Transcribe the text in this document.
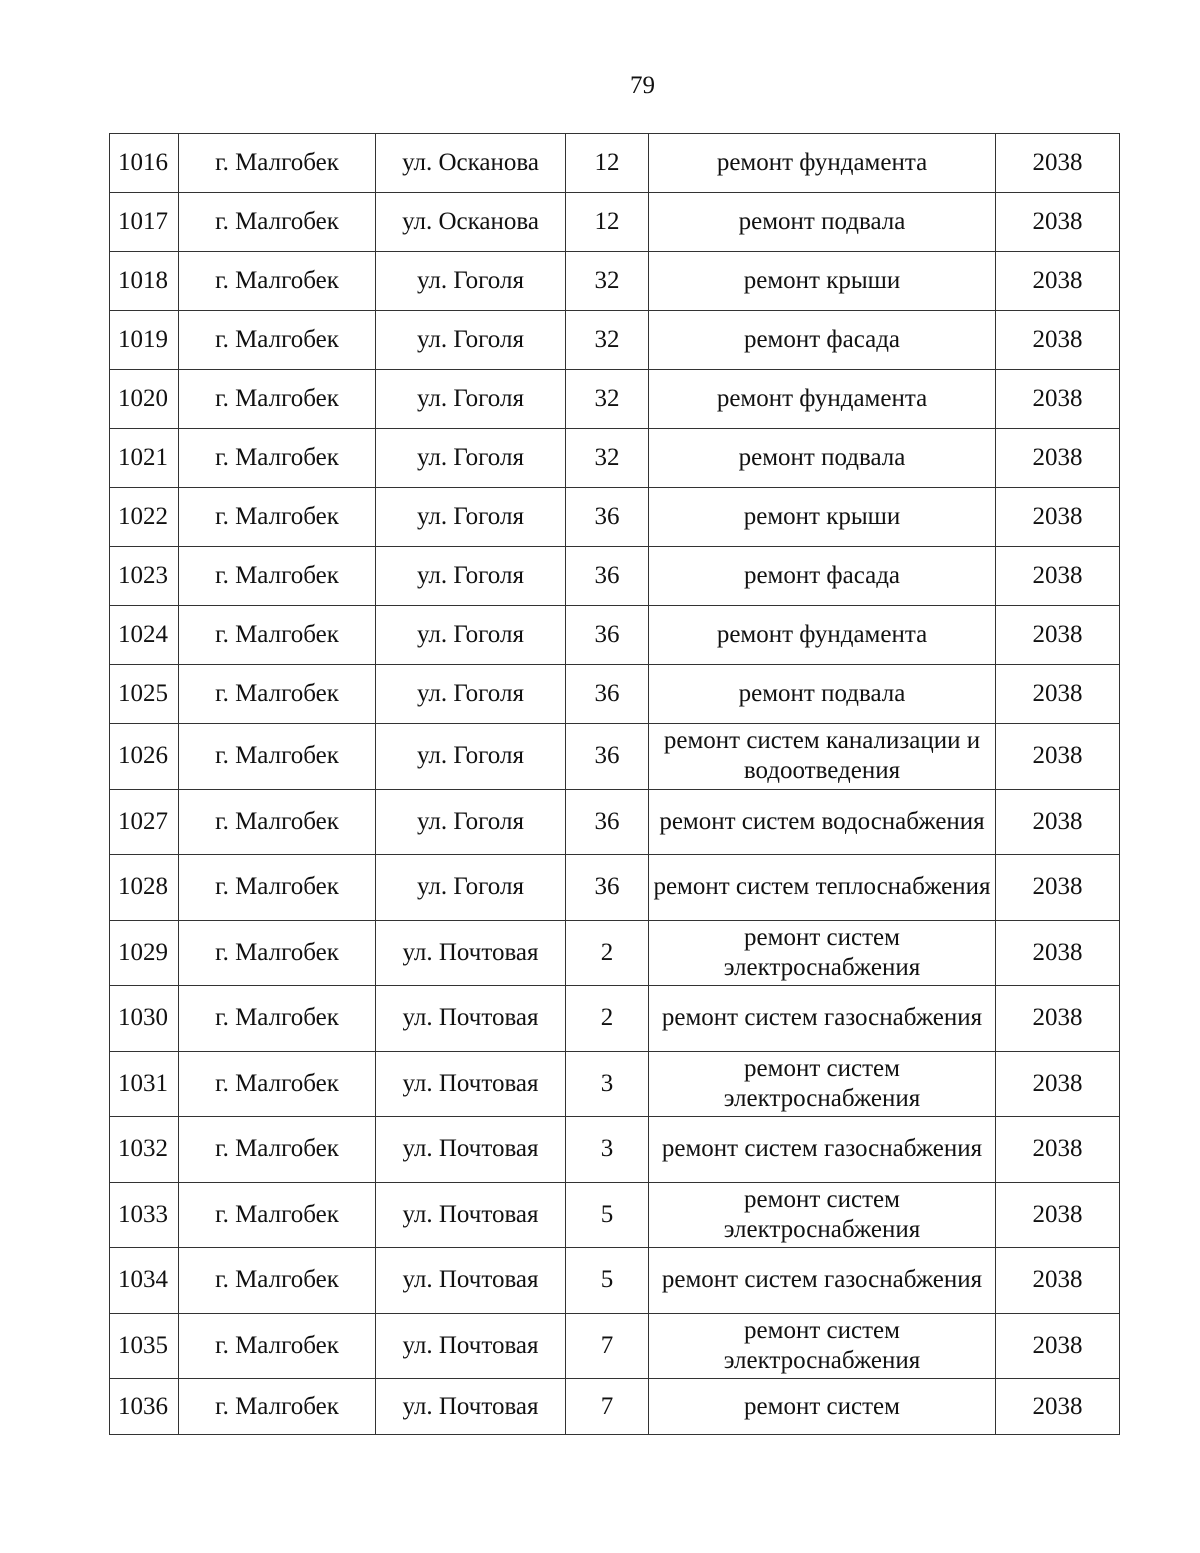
79
1016	г. Малгобек	ул. Осканова	12	ремонт фундамента	2038
1017	г. Малгобек	ул. Осканова	12	ремонт подвала	2038
1018	г. Малгобек	ул. Гоголя	32	ремонт крыши	2038
1019	г. Малгобек	ул. Гоголя	32	ремонт фасада	2038
1020	г. Малгобек	ул. Гоголя	32	ремонт фундамента	2038
1021	г. Малгобек	ул. Гоголя	32	ремонт подвала	2038
1022	г. Малгобек	ул. Гоголя	36	ремонт крыши	2038
1023	г. Малгобек	ул. Гоголя	36	ремонт фасада	2038
1024	г. Малгобек	ул. Гоголя	36	ремонт фундамента	2038
1025	г. Малгобек	ул. Гоголя	36	ремонт подвала	2038
1026	г. Малгобек	ул. Гоголя	36	ремонт систем канализации и водоотведения	2038
1027	г. Малгобек	ул. Гоголя	36	ремонт систем водоснабжения	2038
1028	г. Малгобек	ул. Гоголя	36	ремонт систем теплоснабжения	2038
1029	г. Малгобек	ул. Почтовая	2	ремонт систем электроснабжения	2038
1030	г. Малгобек	ул. Почтовая	2	ремонт систем газоснабжения	2038
1031	г. Малгобек	ул. Почтовая	3	ремонт систем электроснабжения	2038
1032	г. Малгобек	ул. Почтовая	3	ремонт систем газоснабжения	2038
1033	г. Малгобек	ул. Почтовая	5	ремонт систем электроснабжения	2038
1034	г. Малгобек	ул. Почтовая	5	ремонт систем газоснабжения	2038
1035	г. Малгобек	ул. Почтовая	7	ремонт систем электроснабжения	2038
1036	г. Малгобек	ул. Почтовая	7	ремонт систем	2038
